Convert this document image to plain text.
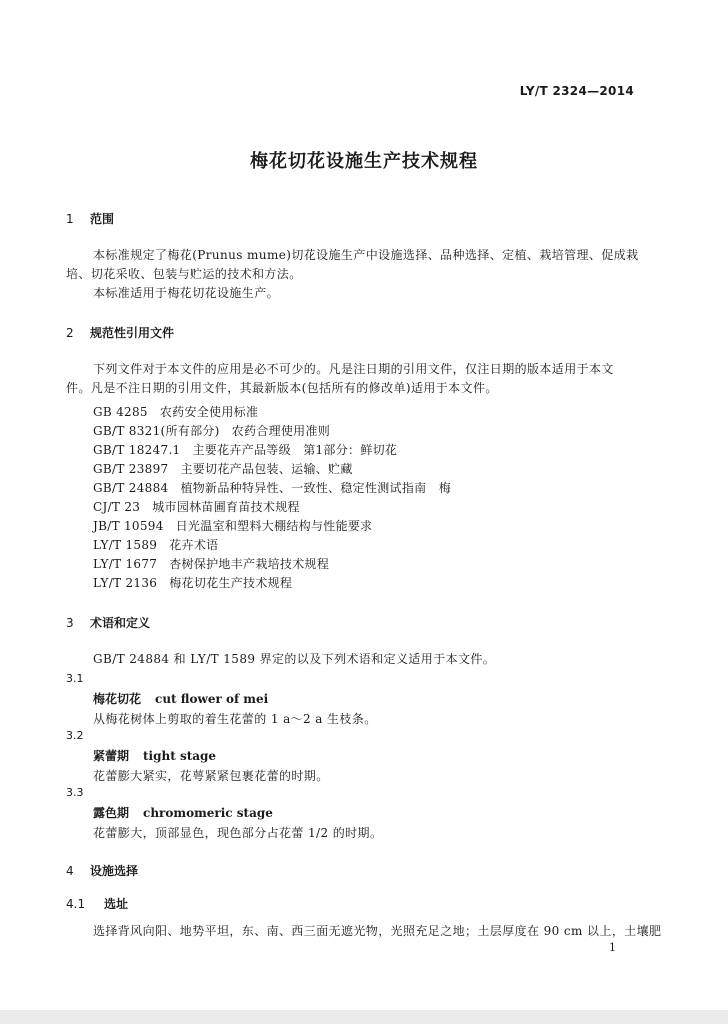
LY/T 2324—2014
梅花切花设施生产技术规程
1 范围
本标准规定了梅花(Prunus mume)切花设施生产中设施选择、品种选择、定植、栽培管理、促成栽
培、切花采收、包装与贮运的技术和方法。
本标准适用于梅花切花设施生产。
2 规范性引用文件
下列文件对于本文件的应用是必不可少的。凡是注日期的引用文件，仅注日期的版本适用于本文
件。凡是不注日期的引用文件，其最新版本(包括所有的修改单)适用于本文件。
GB 4285 农药安全使用标准
GB/T 8321(所有部分) 农药合理使用准则
GB/T 18247.1 主要花卉产品等级　第1部分：鲜切花
GB/T 23897 主要切花产品包装、运输、贮藏
GB/T 24884 植物新品种特异性、一致性、稳定性测试指南　梅
CJ/T 23 城市园林苗圃育苗技术规程
JB/T 10594 日光温室和塑料大棚结构与性能要求
LY/T 1589 花卉术语
LY/T 1677 杏树保护地丰产栽培技术规程
LY/T 2136 梅花切花生产技术规程
3 术语和定义
GB/T 24884 和 LY/T 1589 界定的以及下列术语和定义适用于本文件。
3.1
梅花切花 cut flower of mei
从梅花树体上剪取的着生花蕾的 1 a～2 a 生枝条。
3.2
紧蕾期 tight stage
花蕾膨大紧实，花萼紧紧包裹花蕾的时期。
3.3
露色期 chromomeric stage
花蕾膨大，顶部显色，现色部分占花蕾 1/2 的时期。
4 设施选择
4.1 选址
选择背风向阳、地势平坦，东、南、西三面无遮光物，光照充足之地；土层厚度在 90 cm 以上，土壤肥
1
